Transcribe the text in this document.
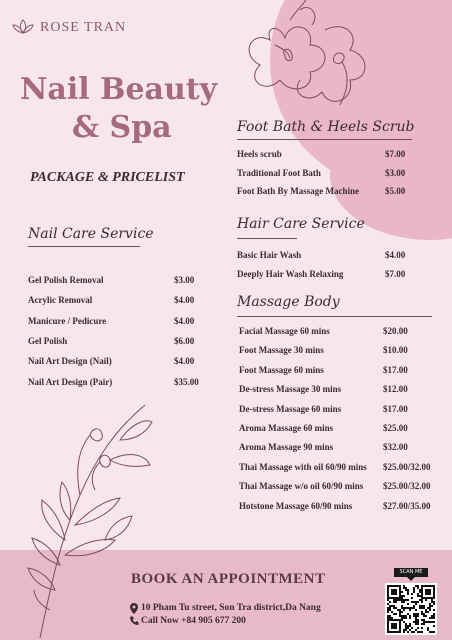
ROSE TRAN
Nail Beauty
& Spa
PACKAGE & PRICELIST
Nail Care Service
Gel Polish Removal	$3.00
Acrylic Removal	$4.00
Manicure / Pedicure	$4.00
Gel Polish	$6.00
Nail Art Design (Nail)	$4.00
Nail Art Design (Pair)	$35.00
Foot Bath & Heels Scrub
Heels scrub	$7.00
Traditional Foot Bath	$3.00
Foot Bath By Massage Machine	$5.00
Hair Care Service
Basic Hair Wash	$4.00
Deeply Hair Wash Relaxing	$7.00
Massage Body
Facial Massage 60 mins	$20.00
Foot Massage 30 mins	$10.00
Foot Massage 60 mins	$17.00
De-stress Massage 30 mins	$12.00
De-stress Massage 60 mins	$17.00
Aroma Massage 60 mins	$25.00
Aroma Massage 90 mins	$32.00
Thai Massage with oil 60/90 mins $25.00/32.00
Thai Massage w/o oil 60/90 mins $25.00/32.00
Hotstone Massage 60/90 mins	$27.00/35.00
BOOK AN APPOINTMENT
10 Pham Tu street, Son Tra district,Da Nang
Call Now +84 905 677 200
SCAN ME
